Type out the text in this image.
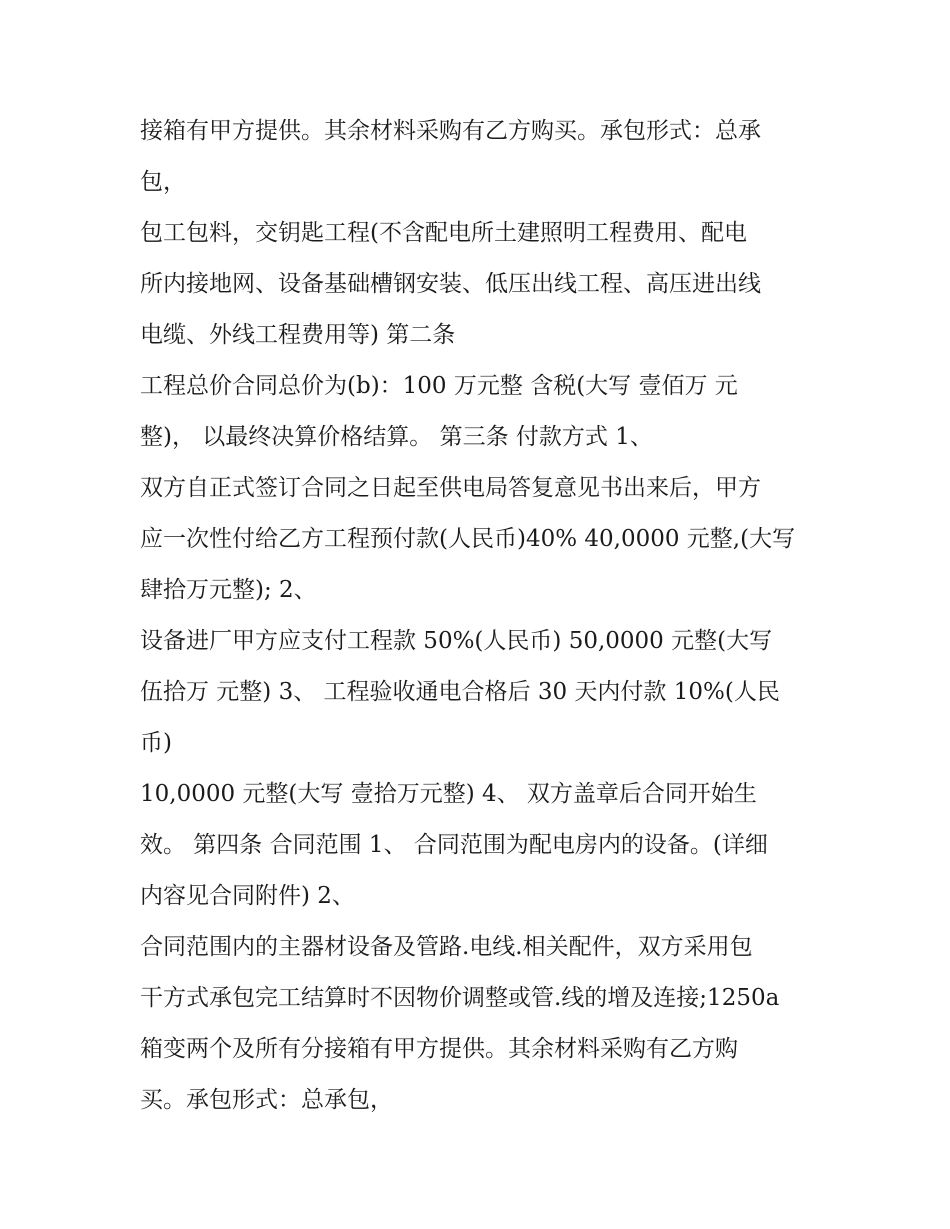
接箱有甲方提供。其余材料采购有乙方购买。承包形式：总承
包，
包工包料，交钥匙工程(不含配电所土建照明工程费用、配电
所内接地网、设备基础槽钢安装、低压出线工程、高压进出线
电缆、外线工程费用等) 第二条
工程总价合同总价为(b)：100 万元整 含税(大写 壹佰万 元
整)， 以最终决算价格结算。 第三条 付款方式 1、
双方自正式签订合同之日起至供电局答复意见书出来后，甲方
应一次性付给乙方工程预付款(人民币)40% 40,0000 元整,(大写
肆拾万元整); 2、
设备进厂甲方应支付工程款 50%(人民币) 50,0000 元整(大写
伍拾万 元整) 3、 工程验收通电合格后 30 天内付款 10%(人民
币)
10,0000 元整(大写 壹拾万元整) 4、 双方盖章后合同开始生
效。 第四条 合同范围 1、 合同范围为配电房内的设备。(详细
内容见合同附件) 2、
合同范围内的主器材设备及管路.电线.相关配件，双方采用包
干方式承包完工结算时不因物价调整或管.线的增及连接;1250a
箱变两个及所有分接箱有甲方提供。其余材料采购有乙方购
买。承包形式：总承包，
